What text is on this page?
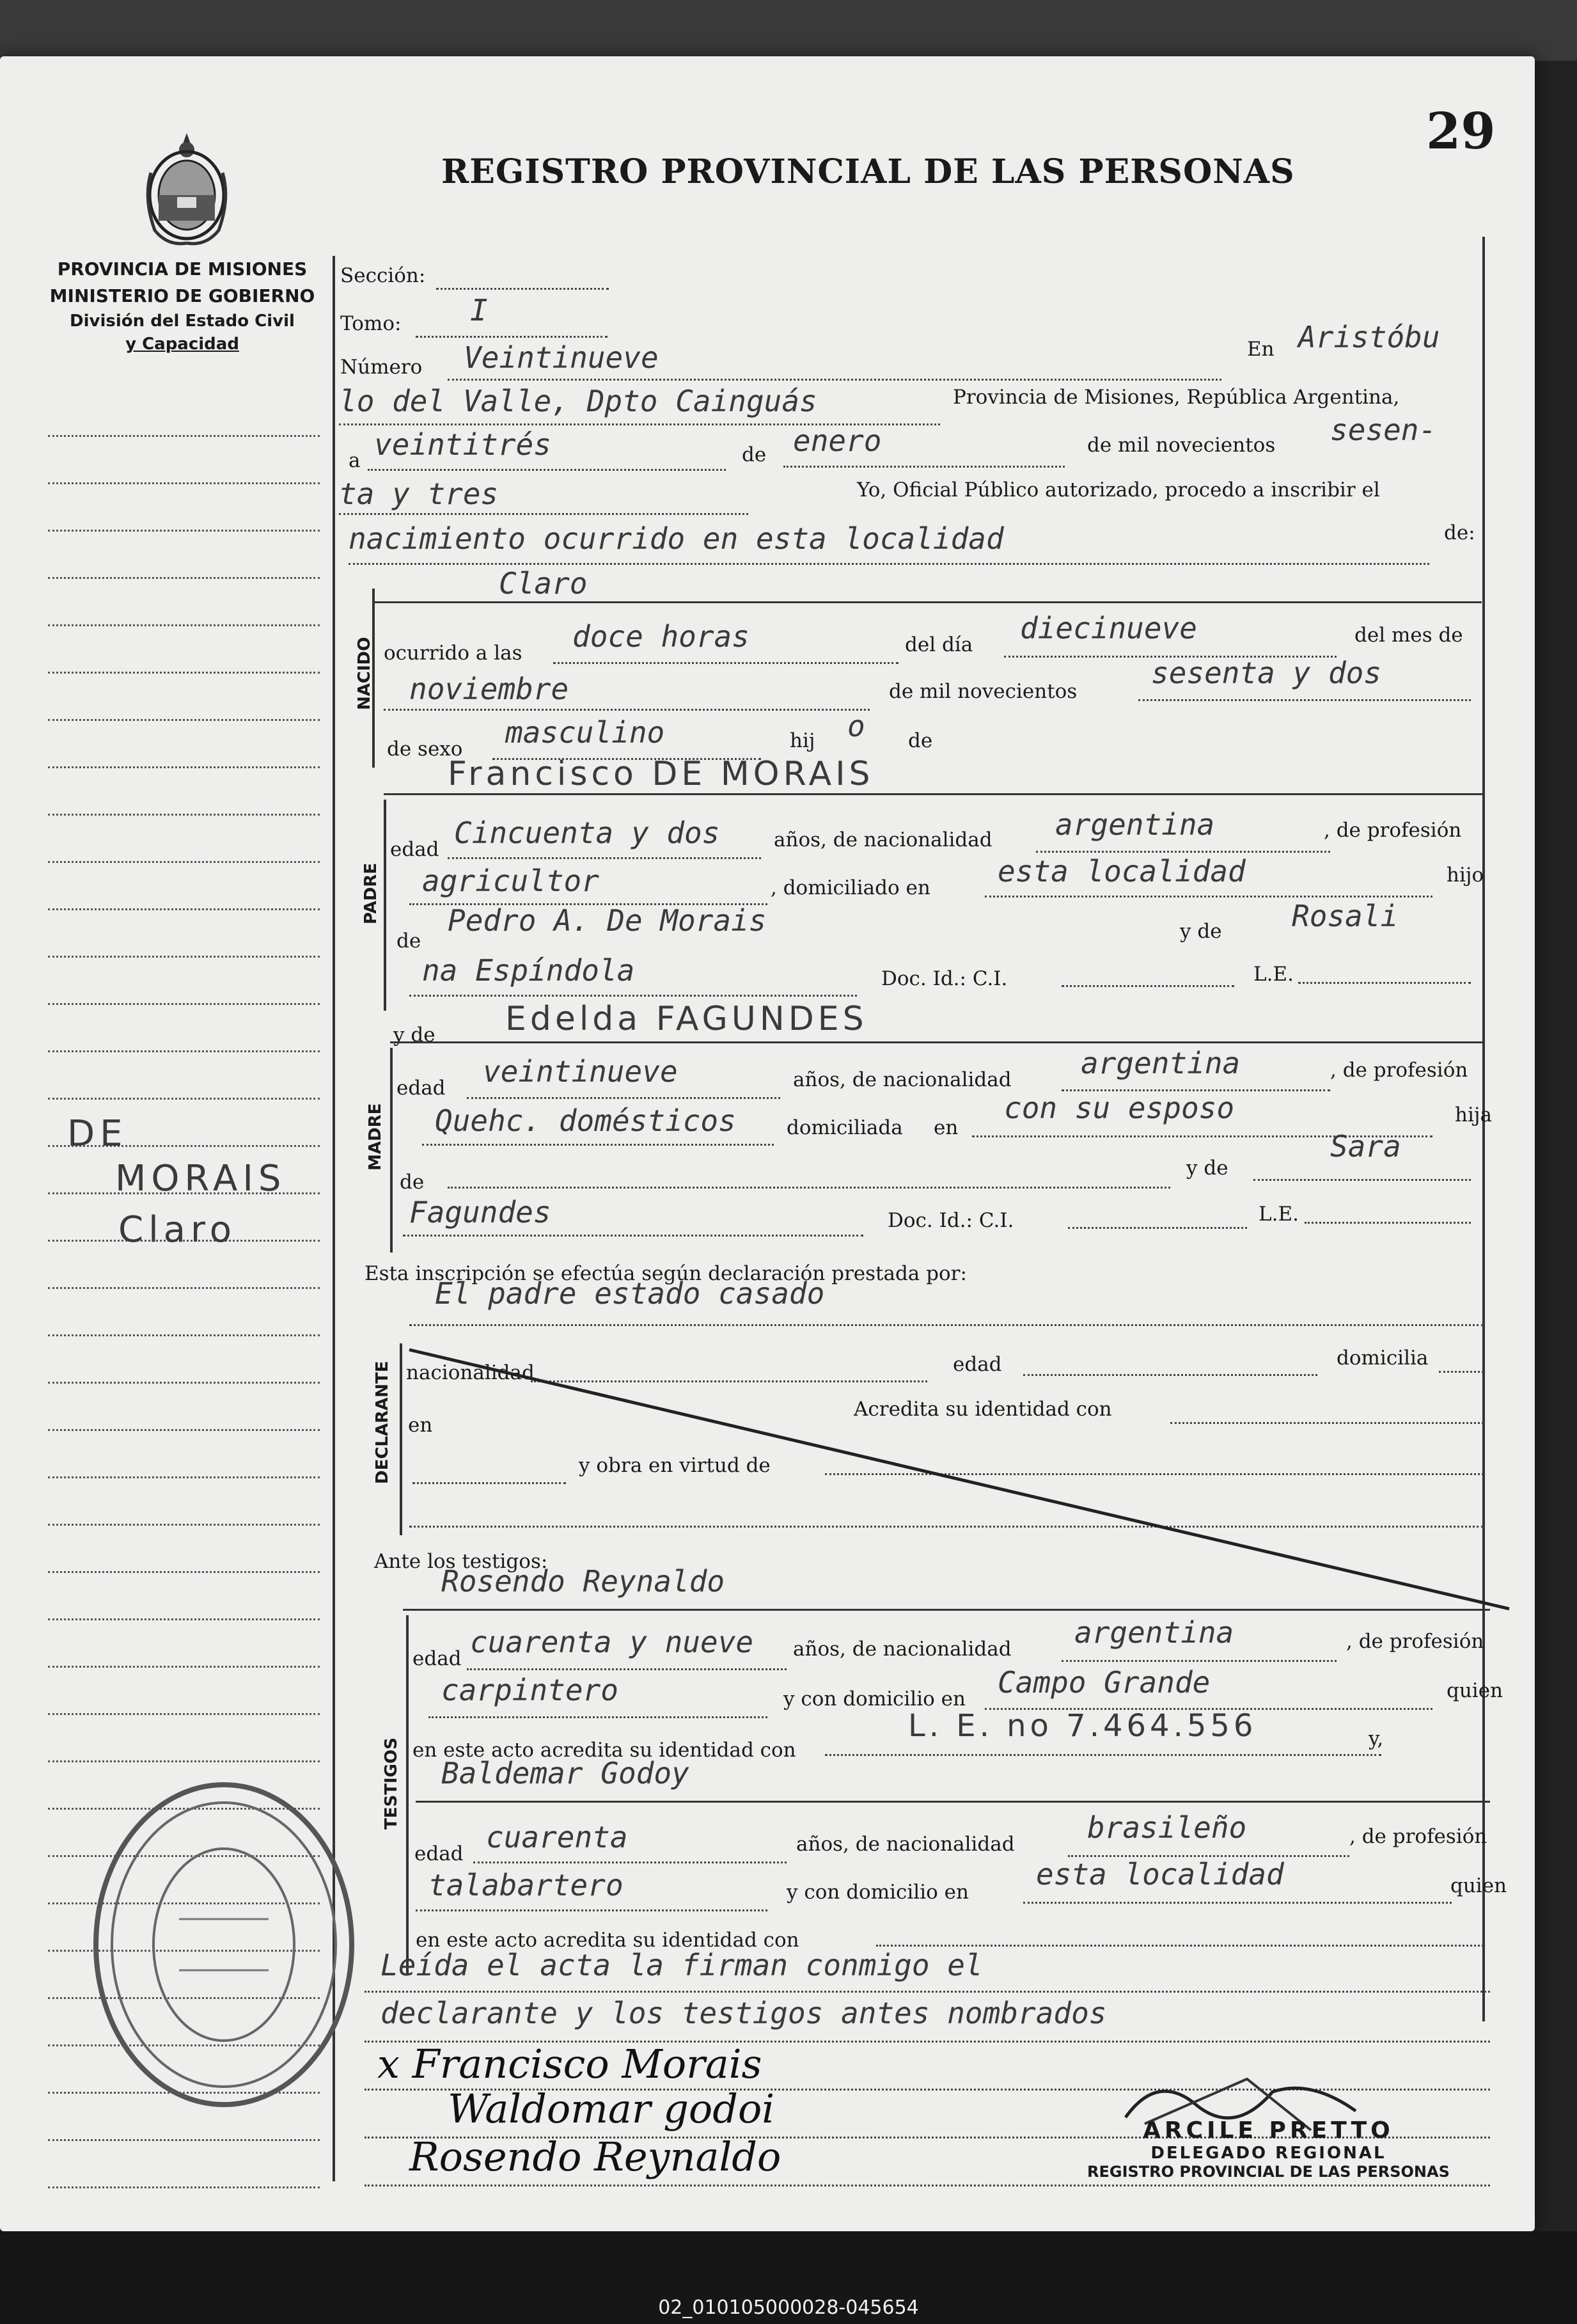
29
REGISTRO PROVINCIAL DE LAS PERSONAS
PROVINCIA DE MISIONES
MINISTERIO DE GOBIERNO
División del Estado Civil
y Capacidad
DE
MORAIS
Claro
Sección:
Tomo: I
Número Veintinueve	En Aristóbu
lo del Valle, Dpto Cainguás	Provincia de Misiones, República Argentina,
a veintitrés	de enero	de mil novecientos sesen-
ta y tres	Yo, Oficial Público autorizado, procedo a inscribir el
nacimiento ocurrido en esta localidad	de:
NACIDO
Claro
ocurrido a las doce horas	del día diecinueve	del mes de
noviembre	de mil novecientos
sesenta y dos
de sexo masculino	hij o de
Francisco DE MORAIS
PADRE
edad Cincuenta y dos	años, de nacionalidad argentina	, de profesión
agricultor	, domiciliado en esta localidad	hijo
de
Pedro A. De Morais	y de Rosali
na Espíndola	Doc. Id.: C.I.	L.E.
y de Edelda FAGUNDES
MADRE
edad veintinueve	años, de nacionalidad argentina	, de profesión
Quehc. domésticos	domiciliada en
con su esposo	hija
de
y de
Sara
Fagundes	Doc. Id.: C.I.	L.E.
Esta inscripción se efectúa según declaración prestada por:
El padre estado casado
DECLARANTE nacionalidad	edad	domicilia
en
Acredita su identidad con
y obra en virtud de
Ante los testigos:
Rosendo Reynaldo
TESTIGOS
edad cuarenta y nueve años, de nacionalidad argentina	, de profesión
carpintero	y con domicilio en Campo Grande	quien
en este acto acredita su identidad con
L. E. no 7.464.556	y,
Baldemar Godoy
edad cuarenta	años, de nacionalidad brasileño	, de profesión
talabartero	y con domicilio en
esta localidad	quien
en este acto acredita su identidad con
Leída el acta la firman conmigo el
declarante y los testigos antes nombrados
x Francisco Morais
Waldomar godoi
Rosendo Reynaldo
ARCILE PRETTO
DELEGADO REGIONAL
REGISTRO PROVINCIAL DE LAS PERSONAS
02_010105000028-045654
